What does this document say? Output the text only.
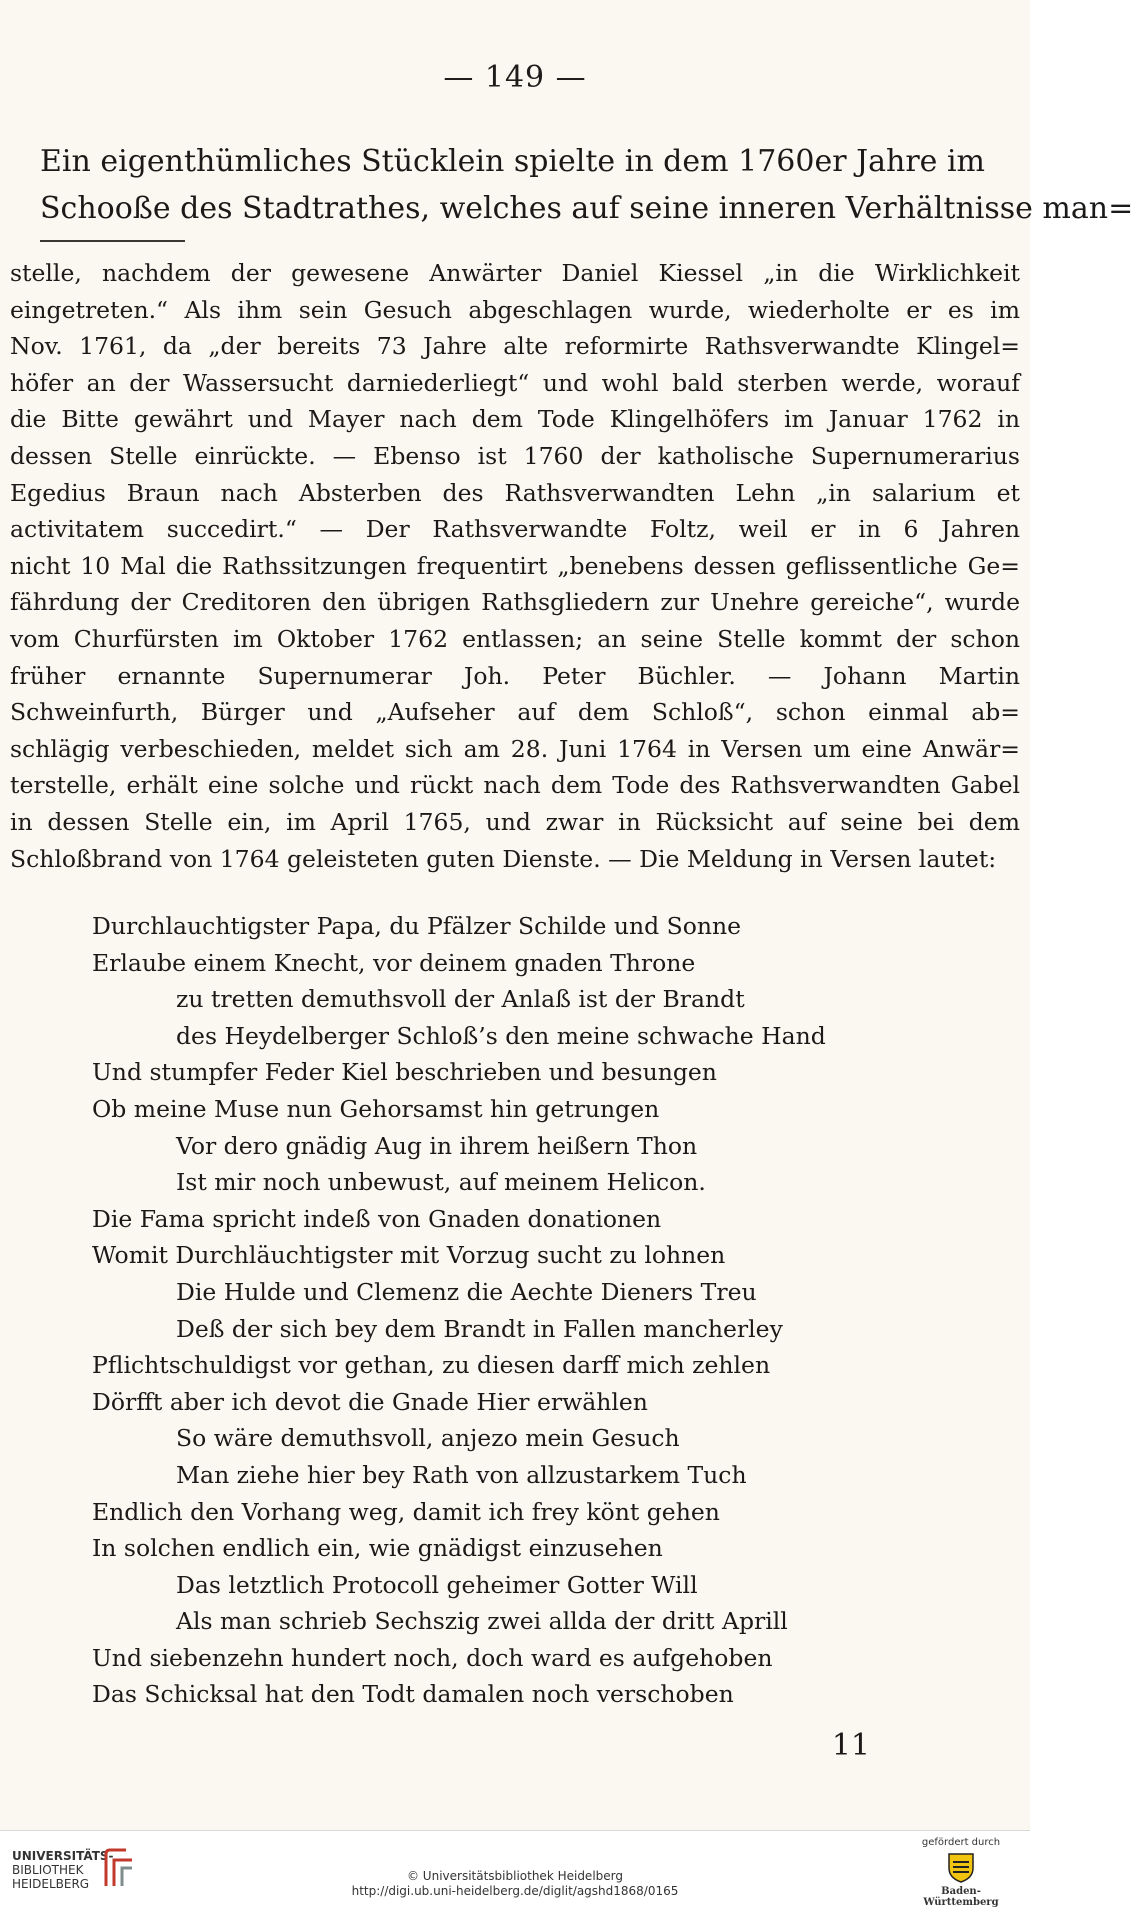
— 149 —
Ein eigenthümliches Stücklein spielte in dem 1760er Jahre im
Schooße des Stadtrathes, welches auf seine inneren Verhältnisse man=
stelle, nachdem der gewesene Anwärter Daniel Kiessel „in die Wirklichkeit
eingetreten.“ Als ihm sein Gesuch abgeschlagen wurde, wiederholte er es im
Nov. 1761, da „der bereits 73 Jahre alte reformirte Rathsverwandte Klingel=
höfer an der Wassersucht darniederliegt“ und wohl bald sterben werde, worauf
die Bitte gewährt und Mayer nach dem Tode Klingelhöfers im Januar 1762 in
dessen Stelle einrückte. — Ebenso ist 1760 der katholische Supernumerarius
Egedius Braun nach Absterben des Rathsverwandten Lehn „in salarium et
activitatem succedirt.“ — Der Rathsverwandte Foltz, weil er in 6 Jahren
nicht 10 Mal die Rathssitzungen frequentirt „benebens dessen geflissentliche Ge=
fährdung der Creditoren den übrigen Rathsgliedern zur Unehre gereiche“, wurde
vom Churfürsten im Oktober 1762 entlassen; an seine Stelle kommt der schon
früher ernannte Supernumerar Joh. Peter Büchler. — Johann Martin
Schweinfurth, Bürger und „Aufseher auf dem Schloß“, schon einmal ab=
schlägig verbeschieden, meldet sich am 28. Juni 1764 in Versen um eine Anwär=
terstelle, erhält eine solche und rückt nach dem Tode des Rathsverwandten Gabel
in dessen Stelle ein, im April 1765, und zwar in Rücksicht auf seine bei dem
Schloßbrand von 1764 geleisteten guten Dienste. — Die Meldung in Versen lautet:
Durchlauchtigster Papa, du Pfälzer Schilde und Sonne
Erlaube einem Knecht, vor deinem gnaden Throne
zu tretten demuthsvoll der Anlaß ist der Brandt
des Heydelberger Schloß’s den meine schwache Hand
Und stumpfer Feder Kiel beschrieben und besungen
Ob meine Muse nun Gehorsamst hin getrungen
Vor dero gnädig Aug in ihrem heißern Thon
Ist mir noch unbewust, auf meinem Helicon.
Die Fama spricht indeß von Gnaden donationen
Womit Durchläuchtigster mit Vorzug sucht zu lohnen
Die Hulde und Clemenz die Aechte Dieners Treu
Deß der sich bey dem Brandt in Fallen mancherley
Pflichtschuldigst vor gethan, zu diesen darff mich zehlen
Dörfft aber ich devot die Gnade Hier erwählen
So wäre demuthsvoll, anjezo mein Gesuch
Man ziehe hier bey Rath von allzustarkem Tuch
Endlich den Vorhang weg, damit ich frey könt gehen
In solchen endlich ein, wie gnädigst einzusehen
Das letztlich Protocoll geheimer Gotter Will
Als man schrieb Sechszig zwei allda der dritt Aprill
Und siebenzehn hundert noch, doch ward es aufgehoben
Das Schicksal hat den Todt damalen noch verschoben
11
UNIVERSITÄTS-
BIBLIOTHEK
HEIDELBERG
© Universitätsbibliothek Heidelberg
http://digi.ub.uni-heidelberg.de/diglit/agshd1868/0165
gefördert durch
Baden-Württemberg
